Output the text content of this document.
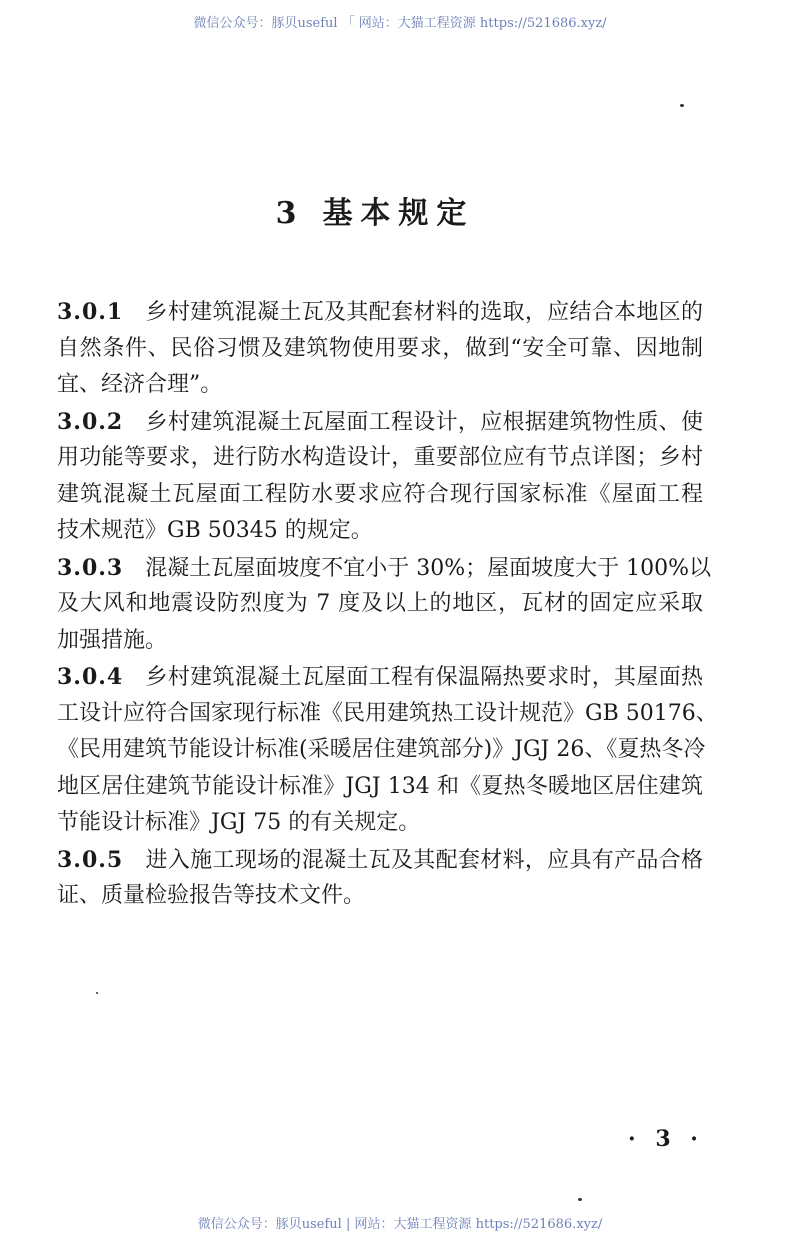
微信公众号：豚贝useful 「 网站：大猫工程资源 https://521686.xyz/
3 基本规定
3.0.1 乡村建筑混凝土瓦及其配套材料的选取，应结合本地区的
自然条件、民俗习惯及建筑物使用要求，做到“安全可靠、因地制
宜、经济合理”。
3.0.2 乡村建筑混凝土瓦屋面工程设计，应根据建筑物性质、使
用功能等要求，进行防水构造设计，重要部位应有节点详图；乡村
建筑混凝土瓦屋面工程防水要求应符合现行国家标准《屋面工程
技术规范》GB 50345 的规定。
3.0.3 混凝土瓦屋面坡度不宜小于 30%；屋面坡度大于 100%以
及大风和地震设防烈度为 7 度及以上的地区，瓦材的固定应采取
加强措施。
3.0.4 乡村建筑混凝土瓦屋面工程有保温隔热要求时，其屋面热
工设计应符合国家现行标准《民用建筑热工设计规范》GB 50176、
《民用建筑节能设计标准(采暖居住建筑部分)》JGJ 26、《夏热冬冷
地区居住建筑节能设计标准》JGJ 134 和《夏热冬暖地区居住建筑
节能设计标准》JGJ 75 的有关规定。
3.0.5 进入施工现场的混凝土瓦及其配套材料，应具有产品合格
证、质量检验报告等技术文件。
· 3 ·
微信公众号：豚贝useful | 网站：大猫工程资源 https://521686.xyz/
